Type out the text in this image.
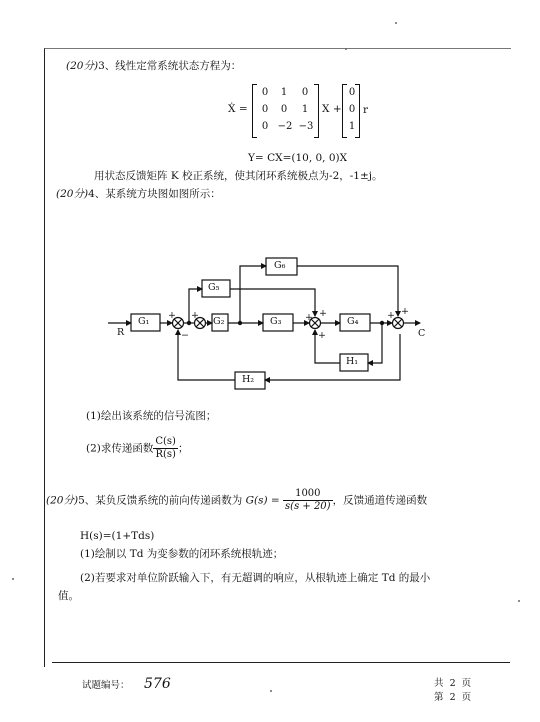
(20分)3、线性定常系统状态方程为：
Ẋ =
0	1	0
0	0	1
0 −2 −3
X +
0
0
1
r
Y= CX=(10, 0, 0)X
用状态反馈矩阵 K 校正系统，使其闭环系统极点为-2，-1±j。
(20分)4、某系统方块图如图所示：
R	C
G₁	G₂	G₃	G₄
G₅
G₆
H₁
H₂
+
−
+	+
+
+
+ +
(1)绘出该系统的信号流图；
(2)求传递函数 $\frac{C(s)}{R(s)}$ ；
(20分)5、某负反馈系统的前向传递函数为 $G(s) = \frac{1000}{s(s + 20)}$ ，反馈通道传递函数
H(s)=(1+Tds)
(1)绘制以 Td 为变参数的闭环系统根轨迹；
(2)若要求对单位阶跃输入下，有无超调的响应，从根轨迹上确定 Td 的最小
值。
试题编号： 576	共 2 页
第 2 页
